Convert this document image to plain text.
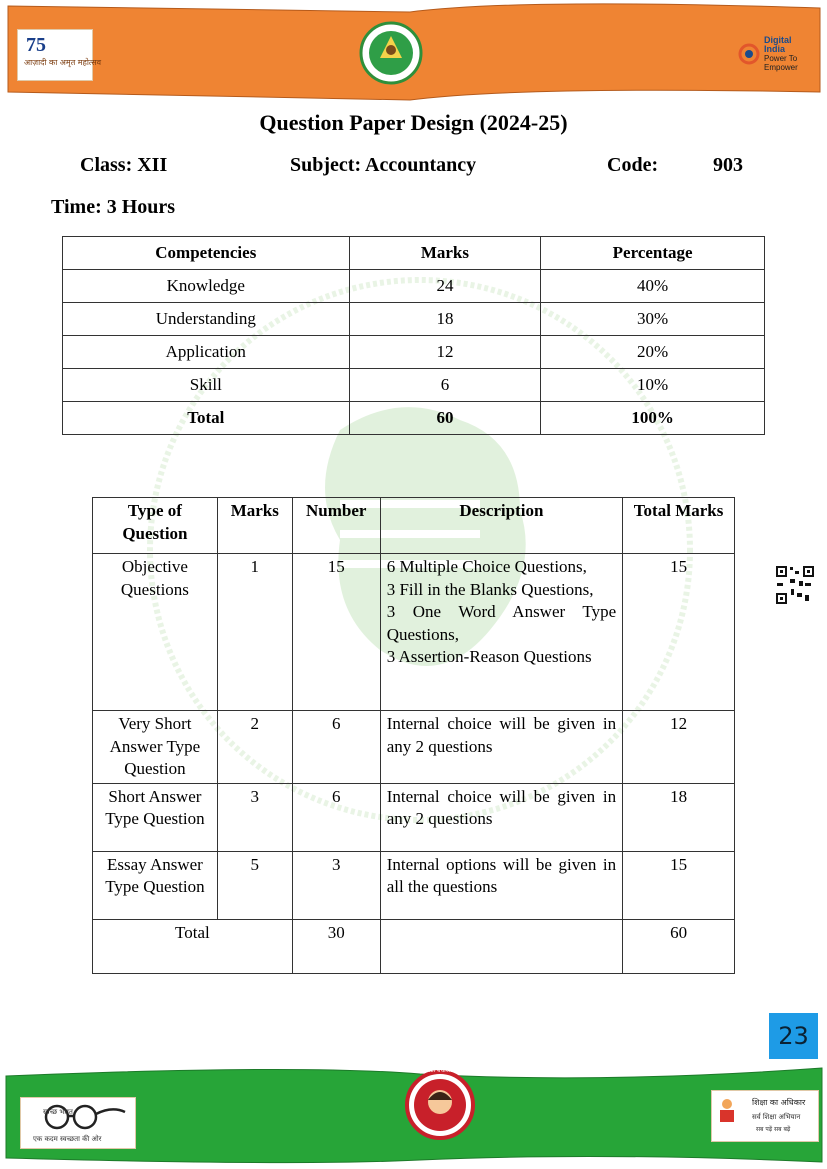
75
आज़ादी का अमृत महोत्सव
Digital India
Power To Empower
Question Paper Design (2024-25)
Class: XII	Subject: Accountancy	Code:	903
Time: 3 Hours
Competencies	Marks	Percentage
Knowledge	24	40%
Understanding	18	30%
Application	12	20%
Skill	6	10%
Total	60	100%
Type of Question	Marks	Number	Description	Total Marks
Objective Questions	1	15	6 Multiple Choice Questions,
3 Fill in the Blanks Questions,
3 One Word Answer Type Questions,
3 Assertion-Reason Questions	15
Very Short Answer Type Question	2	6	Internal choice will be given in any 2 questions	12
Short Answer Type Question	3	6	Internal choice will be given in any 2 questions	18
Essay Answer Type Question	5	3	Internal options will be given in all the questions	15
Total		30		60
23
बेटी बचाओ बेटी पढ़ाओ
स्वच्छ भारत
एक कदम स्वच्छता की ओर
शिक्षा का अधिकार
सर्व शिक्षा अभियान
सब पढ़ें सब बढ़ें
